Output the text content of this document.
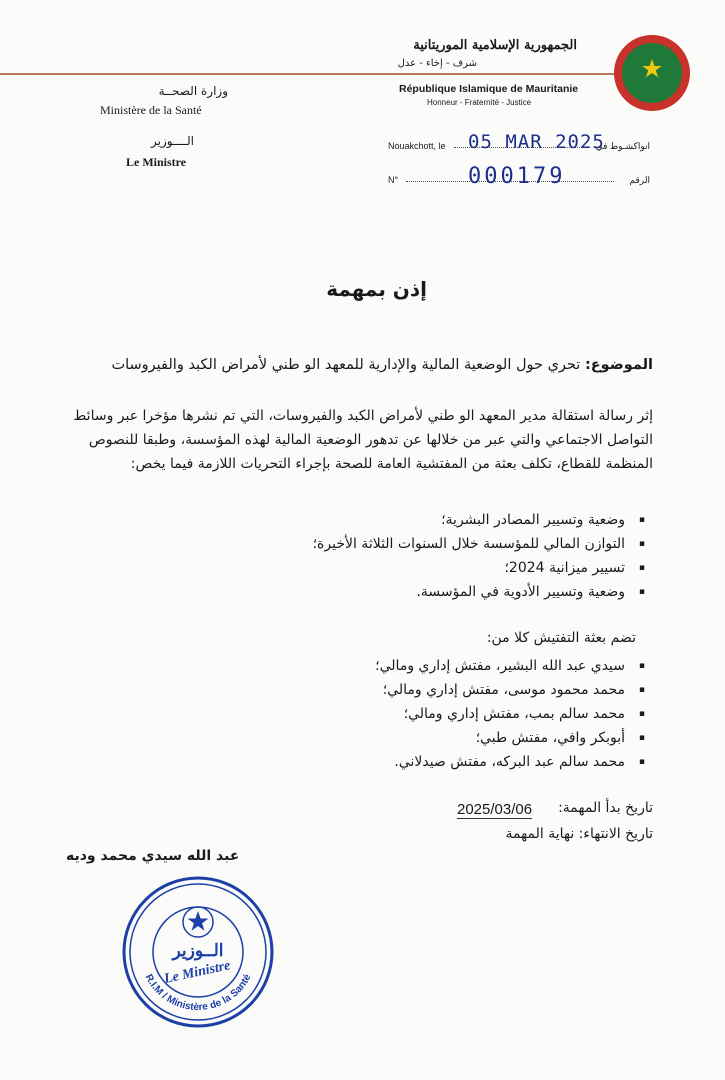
الجمهورية الإسلامية الموريتانية
شرف - إخاء - عدل
République Islamique de Mauritanie
Honneur - Fraternité - Justice
وزارة الصحــة
Ministère de la Santé
الــــوزير
Le Ministre
Nouakchott, le 05 MAR 2025
انواكشـوط في
N°	000179	الرقم
إذن بمهمة
الموضوع: تحري حول الوضعية المالية والإدارية للمعهد الو طني لأمراض الكبد والفيروسات
إثر رسالة استقالة مدير المعهد الو طني لأمراض الكبد والفيروسات، التي تم نشرها مؤخرا عبر وسائط التواصل الاجتماعي والتي عبر من خلالها عن تدهور الوضعية المالية لهذه المؤسسة، وطبقا للنصوص المنظمة للقطاع، تكلف بعثة من المفتشية العامة للصحة بإجراء التحريات اللازمة فيما يخص:
▪ وضعية وتسيير المصادر البشرية؛
▪ التوازن المالي للمؤسسة خلال السنوات الثلاثة الأخيرة؛
▪ تسيير ميزانية 2024؛
▪ وضعية وتسيير الأدوية في المؤسسة.
تضم بعثة التفتيش كلا من:
▪ سيدي عبد الله البشير، مفتش إداري ومالي؛
▪ محمد محمود موسى، مفتش إداري ومالي؛
▪ محمد سالم بمب، مفتش إداري ومالي؛
▪ أبوبكر وافي، مفتش طبي؛
▪ محمد سالم عبد البركه، مفتش صيدلاني.
تاريخ بدأ المهمة:
2025/03/06
تاريخ الانتهاء: نهاية المهمة
عبد الله سيدي محمد وديه
الــوزير
Le Ministre
R.I.M / Ministère de la Santé
